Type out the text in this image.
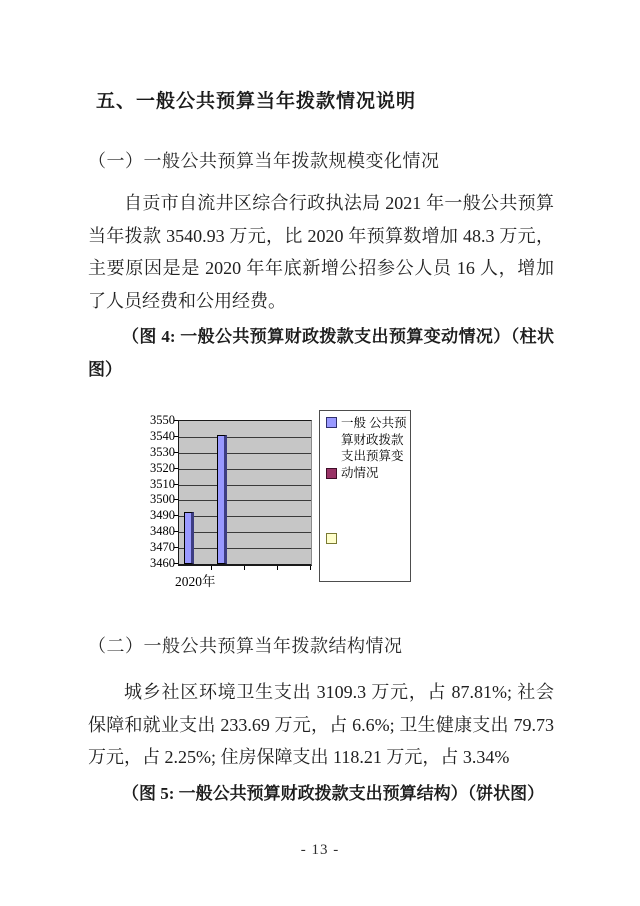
五、一般公共预算当年拨款情况说明
（一）一般公共预算当年拨款规模变化情况

自贡市自流井区综合行政执法局 2021 年一般公共预算当年拨款 3540.93 万元，比 2020 年预算数增加 48.3 万元，主要原因是是 2020 年年底新增公招参公人员 16 人，增加了人员经费和公用经费。

（图 4: 一般公共预算财政拨款支出预算变动情况）（柱状图）

一般 公共预算财政拨款支出预算变动情况
3460
3470
3480
3490
3500
3510
3520
3530
3540
3550
2020年
（二）一般公共预算当年拨款结构情况

城乡社区环境卫生支出 3109.3 万元，占 87.81%; 社会保障和就业支出 233.69 万元，占 6.6%; 卫生健康支出 79.73 万元，占 2.25%; 住房保障支出 118.21 万元，占 3.34%

（图 5: 一般公共预算财政拨款支出预算结构）（饼状图）

- 13 -
